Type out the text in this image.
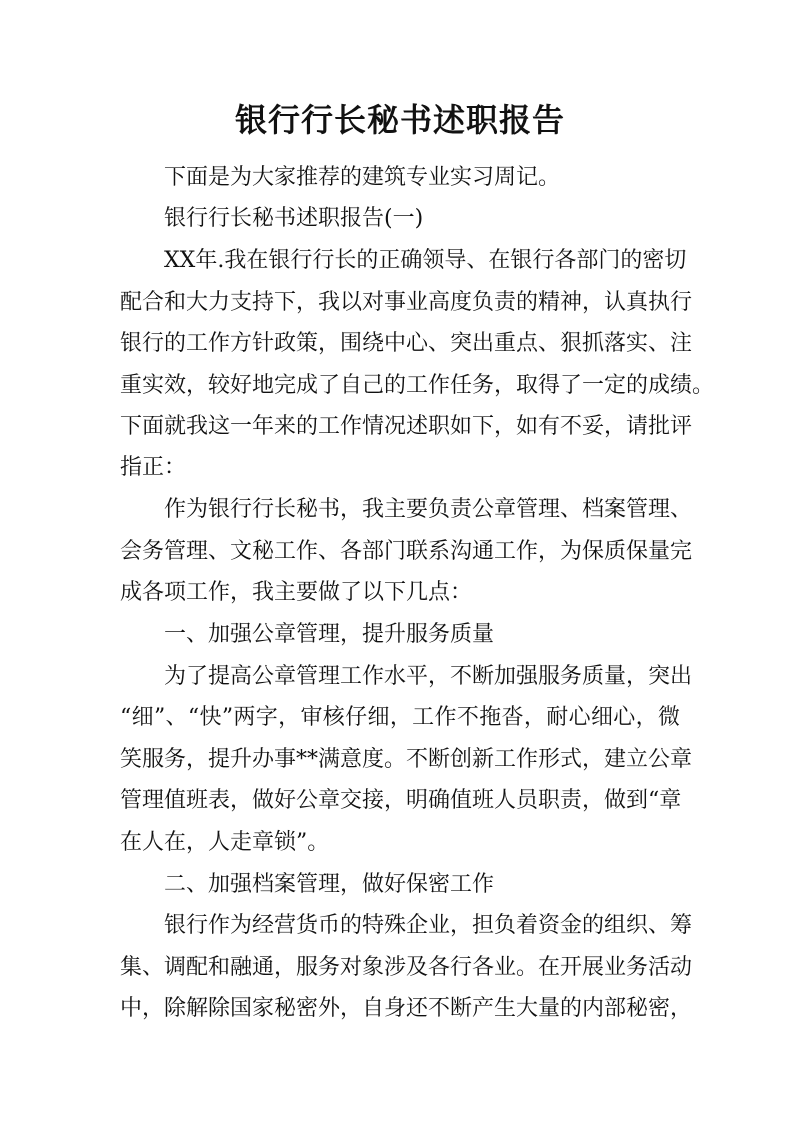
银行行长秘书述职报告
下面是为大家推荐的建筑专业实习周记。
银行行长秘书述职报告(一)
XX年.我在银行行长的正确领导、在银行各部门的密切
配合和大力支持下，我以对事业高度负责的精神，认真执行
银行的工作方针政策，围绕中心、突出重点、狠抓落实、注
重实效，较好地完成了自己的工作任务，取得了一定的成绩。
下面就我这一年来的工作情况述职如下，如有不妥，请批评
指正：
作为银行行长秘书，我主要负责公章管理、档案管理、
会务管理、文秘工作、各部门联系沟通工作，为保质保量完
成各项工作，我主要做了以下几点：
一、加强公章管理，提升服务质量
为了提高公章管理工作水平，不断加强服务质量，突出
“细”、“快”两字，审核仔细，工作不拖沓，耐心细心，微
笑服务，提升办事**满意度。不断创新工作形式，建立公章
管理值班表，做好公章交接，明确值班人员职责，做到“章
在人在，人走章锁”。
二、加强档案管理，做好保密工作
银行作为经营货币的特殊企业，担负着资金的组织、筹
集、调配和融通，服务对象涉及各行各业。在开展业务活动
中，除解除国家秘密外，自身还不断产生大量的内部秘密，
